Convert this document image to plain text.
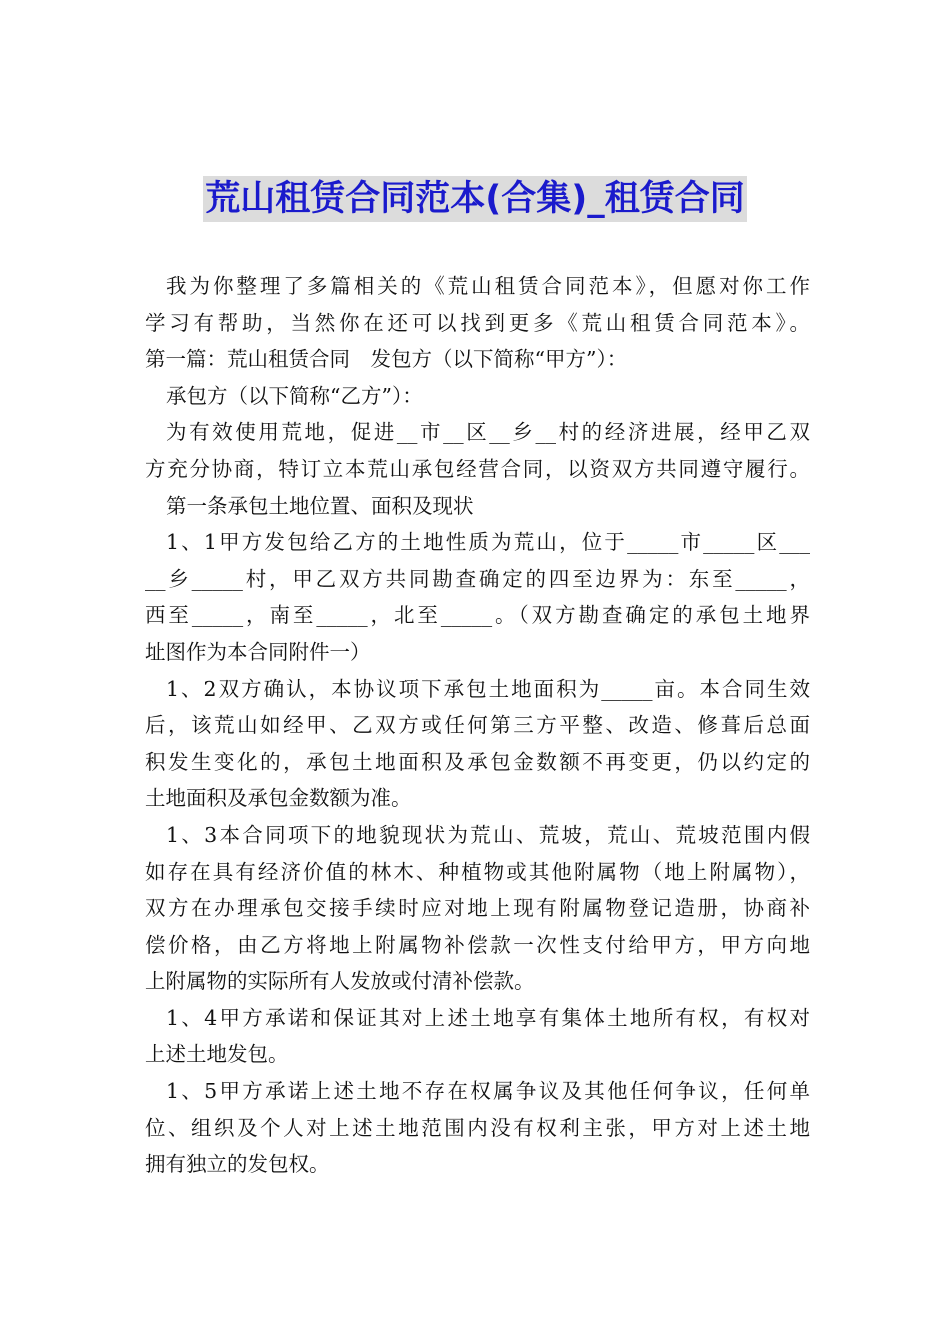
荒山租赁合同范本(合集)_租赁合同
我为你整理了多篇相关的《荒山租赁合同范本》，但愿对你工作
学习有帮助，当然你在还可以找到更多《荒山租赁合同范本》。
第一篇：荒山租赁合同　发包方（以下简称“甲方”）：
承包方（以下简称“乙方”）：
为有效使用荒地，促进__市__区__乡__村的经济进展，经甲乙双
方充分协商，特订立本荒山承包经营合同，以资双方共同遵守履行。
第一条承包土地位置、面积及现状
1、1甲方发包给乙方的土地性质为荒山，位于_____市_____区___
__乡_____村，甲乙双方共同勘查确定的四至边界为：东至_____，
西至_____，南至_____，北至_____。（双方勘查确定的承包土地界
址图作为本合同附件一）
1、2双方确认，本协议项下承包土地面积为_____亩。本合同生效
后，该荒山如经甲、乙双方或任何第三方平整、改造、修葺后总面
积发生变化的，承包土地面积及承包金数额不再变更，仍以约定的
土地面积及承包金数额为准。
1、3本合同项下的地貌现状为荒山、荒坡，荒山、荒坡范围内假
如存在具有经济价值的林木、种植物或其他附属物（地上附属物），
双方在办理承包交接手续时应对地上现有附属物登记造册，协商补
偿价格，由乙方将地上附属物补偿款一次性支付给甲方，甲方向地
上附属物的实际所有人发放或付清补偿款。
1、4甲方承诺和保证其对上述土地享有集体土地所有权，有权对
上述土地发包。
1、5甲方承诺上述土地不存在权属争议及其他任何争议，任何单
位、组织及个人对上述土地范围内没有权利主张，甲方对上述土地
拥有独立的发包权。
